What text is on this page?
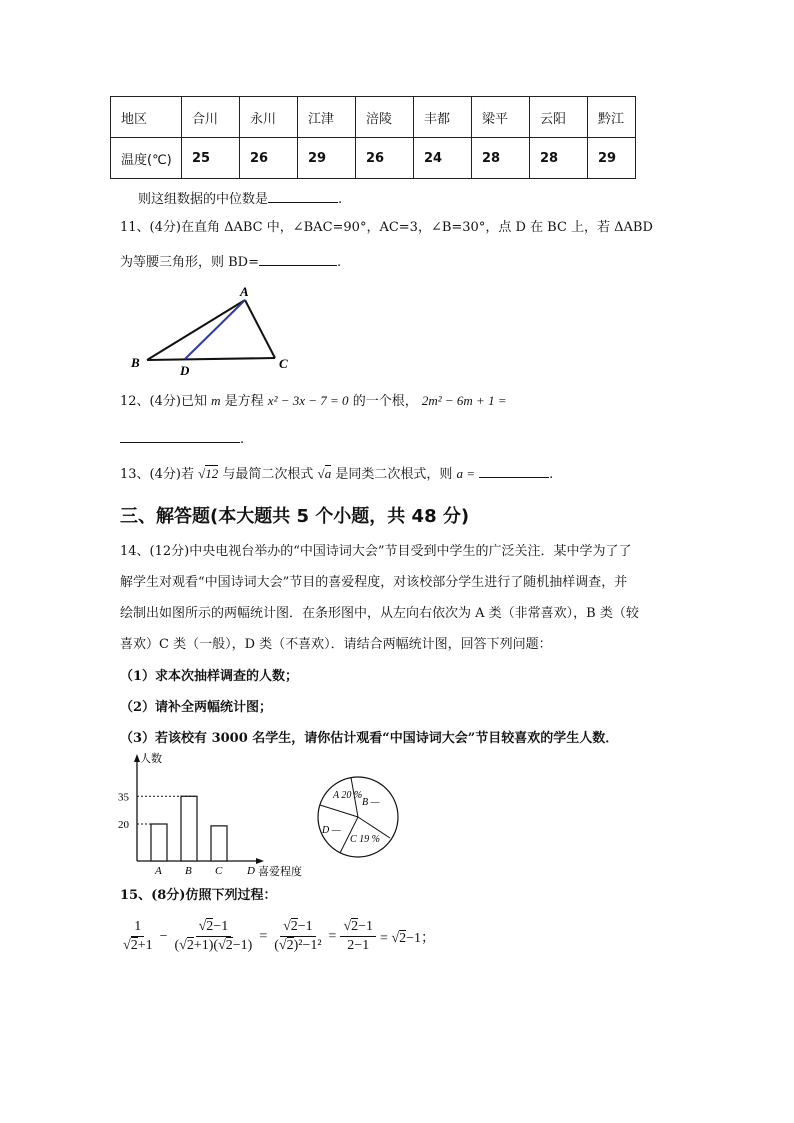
地区	合川	永川	江津	涪陵	丰都	梁平	云阳	黔江
温度(℃)	25	26	29	26	24	28	28	29
则这组数据的中位数是	.
11、(4分)在直角 ΔABC 中，∠BAC=90°，AC=3，∠B=30°，点 D 在 BC 上，若 ΔABD
为等腰三角形，则 BD=	.
A
B	C
D
12、(4分)已知 m 是方程 x² − 3x − 7 = 0 的一个根， 2m² − 6m + 1 =
.
13、(4分)若 √12 与最简二次根式 √a 是同类二次根式，则 a =	.
三、解答题(本大题共 5 个小题，共 48 分)
14、(12分)中央电视台举办的“中国诗词大会”节目受到中学生的广泛关注．某中学为了了
解学生对观看“中国诗词大会”节目的喜爱程度，对该校部分学生进行了随机抽样调查，并
绘制出如图所示的两幅统计图．在条形图中，从左向右依次为 A 类（非常喜欢），B 类（较
喜欢）C 类（一般），D 类（不喜欢）．请结合两幅统计图，回答下列问题：
（1）求本次抽样调查的人数；
（2）请补全两幅统计图；
（3）若该校有 3000 名学生，请你估计观看“中国诗词大会”节目较喜欢的学生人数．
人数
喜爱程度
A B C D
20
35	A 20 %
B —
D —
C 19 %
15、(8分)仿照下列过程：
$\frac{1}{√2+1} - \frac{√2-1}{(√2+1)(√2-1)} = \frac{√2-1}{\text{(√2)²−1²}} = \frac{√2-1}{2-1} = √2-1$；
